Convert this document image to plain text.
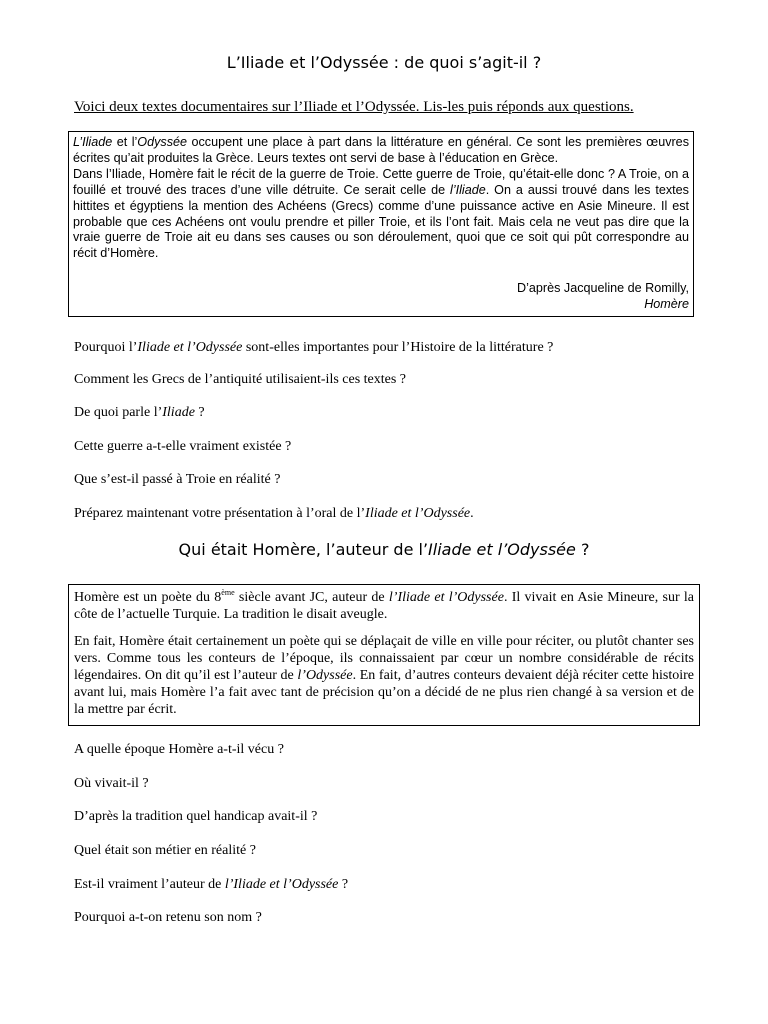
L’Iliade et l’Odyssée : de quoi s’agit-il ?
Voici deux textes documentaires sur l’Iliade et l’Odyssée. Lis-les puis réponds aux questions.

L’Iliade et l’Odyssée occupent une place à part dans la littérature en général. Ce sont les premières œuvres écrites qu’ait produites la Grèce. Leurs textes ont servi de base à l’éducation en Grèce.

Dans l’Iliade, Homère fait le récit de la guerre de Troie. Cette guerre de Troie, qu’était-elle donc ? A Troie, on a fouillé et trouvé des traces d’une ville détruite. Ce serait celle de l’Iliade. On a aussi trouvé dans les textes hittites et égyptiens la mention des Achéens (Grecs) comme d’une puissance active en Asie Mineure. Il est probable que ces Achéens ont voulu prendre et piller Troie, et ils l’ont fait. Mais cela ne veut pas dire que la vraie guerre de Troie ait eu dans ses causes ou son déroulement, quoi que ce soit qui pût correspondre au récit d’Homère.

D’après Jacqueline de Romilly,
Homère
Pourquoi l’Iliade et l’Odyssée sont-elles importantes pour l’Histoire de la littérature ?
Comment les Grecs de l’antiquité utilisaient-ils ces textes ?
De quoi parle l’Iliade ?
Cette guerre a-t-elle vraiment existée ?
Que s’est-il passé à Troie en réalité ?
Préparez maintenant votre présentation à l’oral de l’Iliade et l’Odyssée.
Qui était Homère, l’auteur de l’Iliade et l’Odyssée ?

Homère est un poète du 8ème siècle avant JC, auteur de l’Iliade et l’Odyssée. Il vivait en Asie Mineure, sur la côte de l’actuelle Turquie. La tradition le disait aveugle.

En fait, Homère était certainement un poète qui se déplaçait de ville en ville pour réciter, ou plutôt chanter ses vers. Comme tous les conteurs de l’époque, ils connaissaient par cœur un nombre considérable de récits légendaires. On dit qu’il est l’auteur de l’Odyssée. En fait, d’autres conteurs devaient déjà réciter cette histoire avant lui, mais Homère l’a fait avec tant de précision qu’on a décidé de ne plus rien changé à sa version et de la mettre par écrit.

A quelle époque Homère a-t-il vécu ?
Où vivait-il ?
D’après la tradition quel handicap avait-il ?
Quel était son métier en réalité ?
Est-il vraiment l’auteur de l’Iliade et l’Odyssée ?
Pourquoi a-t-on retenu son nom ?
